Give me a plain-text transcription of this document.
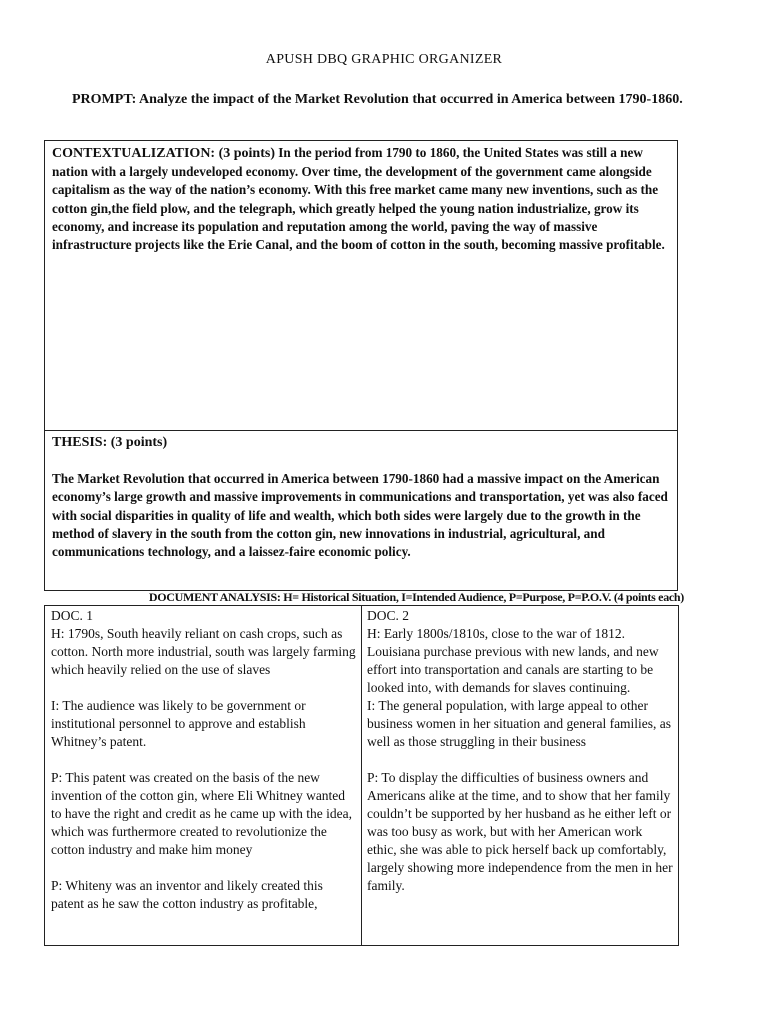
APUSH DBQ GRAPHIC ORGANIZER
PROMPT: Analyze the impact of the Market Revolution that occurred in America between 1790-1860.
CONTEXTUALIZATION: (3 points) In the period from 1790 to 1860, the United States was still a new nation with a largely undeveloped economy. Over time, the development of the government came alongside capitalism as the way of the nation’s economy. With this free market came many new inventions, such as the cotton gin,the field plow, and the telegraph, which greatly helped the young nation industrialize, grow its economy, and increase its population and reputation among the world, paving the way of massive infrastructure projects like the Erie Canal, and the boom of cotton in the south, becoming massive profitable.
THESIS: (3 points)
The Market Revolution that occurred in America between 1790-1860 had a massive impact on the American economy’s large growth and massive improvements in communications and transportation, yet was also faced with social disparities in quality of life and wealth, which both sides were largely due to the growth in the method of slavery in the south from the cotton gin, new innovations in industrial, agricultural, and communications technology, and a laissez-faire economic policy.
DOCUMENT ANALYSIS: H= Historical Situation, I=Intended Audience, P=Purpose, P=P.O.V. (4 points each)

DOC. 1

H: 1790s, South heavily reliant on cash crops, such as cotton. North more industrial, south was largely farming which heavily relied on the use of slaves

I: The audience was likely to be government or institutional personnel to approve and establish Whitney’s patent.

P: This patent was created on the basis of the new invention of the cotton gin, where Eli Whitney wanted to have the right and credit as he came up with the idea, which was furthermore created to revolutionize the cotton industry and make him money

P: Whiteny was an inventor and likely created this patent as he saw the cotton industry as profitable,

DOC. 2

H: Early 1800s/1810s, close to the war of 1812. Louisiana purchase previous with new lands, and new effort into transportation and canals are starting to be looked into, with demands for slaves continuing.

I: The general population, with large appeal to other business women in her situation and general families, as well as those struggling in their business

P: To display the difficulties of business owners and Americans alike at the time, and to show that her family couldn’t be supported by her husband as he either left or was too busy as work, but with her American work ethic, she was able to pick herself back up comfortably, largely showing more independence from the men in her family.
